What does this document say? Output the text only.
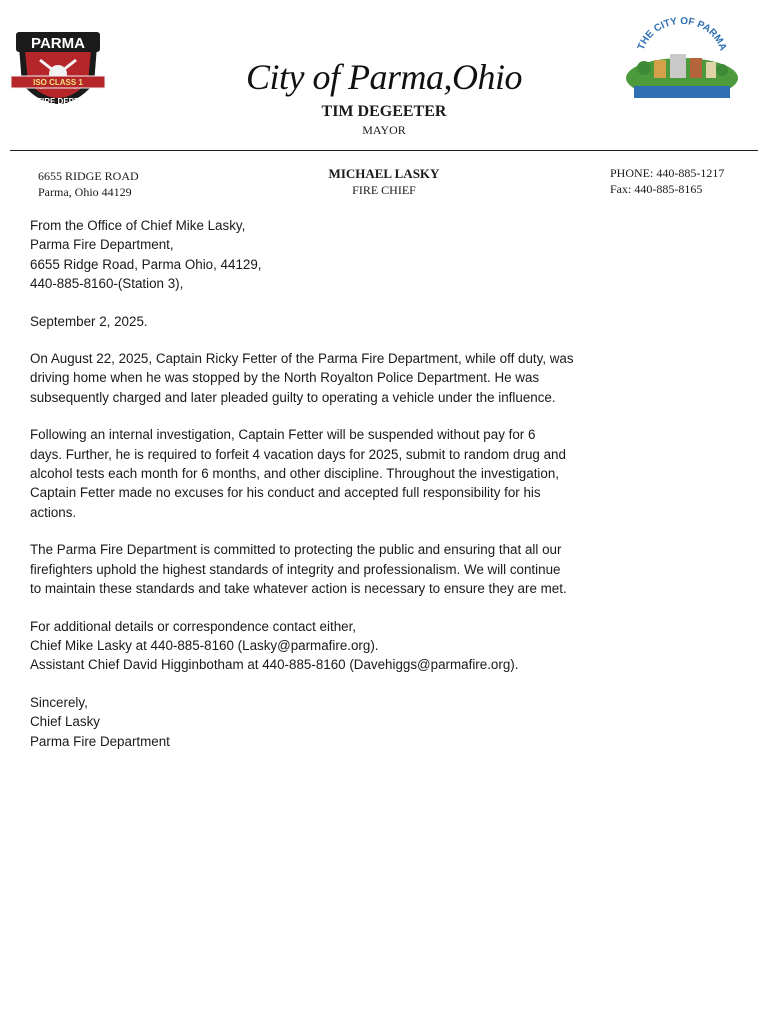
PARMA
ISO CLASS 1
FIRE DEPT
THE CITY OF PARMA
City of Parma,Ohio
TIM DEGEETER
MAYOR
6655 RIDGE ROAD
Parma, Ohio 44129
MICHAEL LASKY
FIRE CHIEF
PHONE: 440-885-1217
Fax: 440-885-8165

From the Office of Chief Mike Lasky,
Parma Fire Department,
6655 Ridge Road, Parma Ohio, 44129,
440-885-8160-(Station 3),

September 2, 2025.

On August 22, 2025, Captain Ricky Fetter of the Parma Fire Department, while off duty, was
driving home when he was stopped by the North Royalton Police Department. He was
subsequently charged and later pleaded guilty to operating a vehicle under the influence.

Following an internal investigation, Captain Fetter will be suspended without pay for 6
days. Further, he is required to forfeit 4 vacation days for 2025, submit to random drug and
alcohol tests each month for 6 months, and other discipline. Throughout the investigation,
Captain Fetter made no excuses for his conduct and accepted full responsibility for his
actions.

The Parma Fire Department is committed to protecting the public and ensuring that all our
firefighters uphold the highest standards of integrity and professionalism. We will continue
to maintain these standards and take whatever action is necessary to ensure they are met.

For additional details or correspondence contact either,
Chief Mike Lasky at 440-885-8160 (Lasky@parmafire.org).
Assistant Chief David Higginbotham at 440-885-8160 (Davehiggs@parmafire.org).

Sincerely,
Chief Lasky
Parma Fire Department
